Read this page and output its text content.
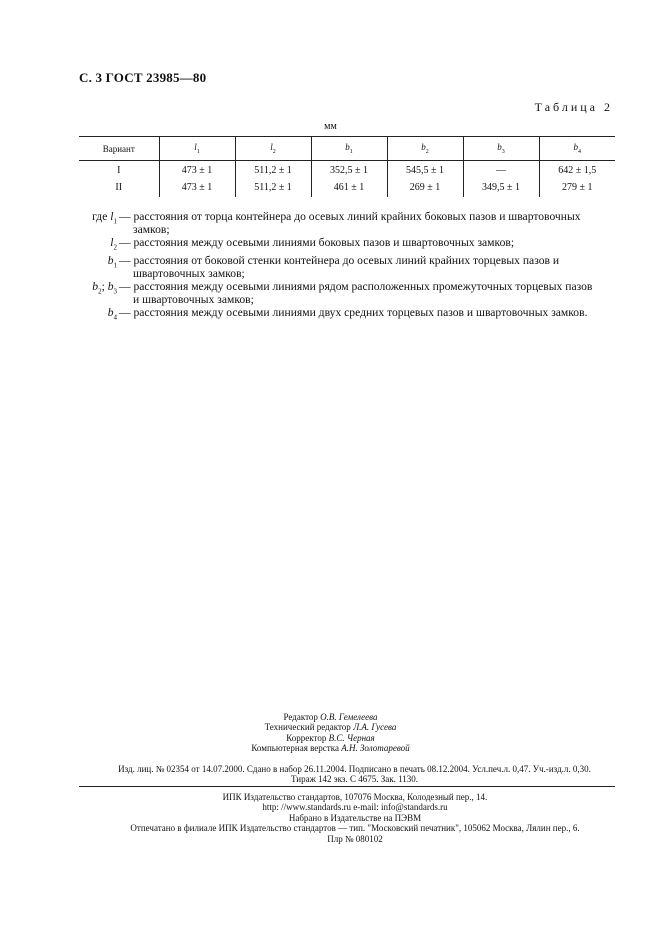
С. 3 ГОСТ 23985—80
Таблица 2
мм
Вариант	$l_1$	$l_2$	$b_1$	$b_2$	$b_3$	$b_4$
I	473 ± 1	511,2 ± 1	352,5 ± 1	545,5 ± 1	—	642 ± 1,5
II	473 ± 1	511,2 ± 1	461 ± 1	269 ± 1	349,5 ± 1	279 ± 1
где $l_1$ — расстояния от торца контейнера до осевых линий крайних боковых пазов и швартовочных
замков;
$l_2$ — расстояния между осевыми линиями боковых пазов и швартовочных замков;
$b_1$ — расстояния от боковой стенки контейнера до осевых линий крайних торцевых пазов и
швартовочных замков;
$b_2$; $b_3$ — расстояния между осевыми линиями рядом расположенных промежуточных торцевых пазов
и швартовочных замков;
$b_4$ — расстояния между осевыми линиями двух средних торцевых пазов и швартовочных замков.
Редактор О.В. Гемелеева
Технический редактор Л.А. Гусева
Корректор В.С. Черная
Компьютерная верстка А.Н. Золотаревой
Изд. лиц. № 02354 от 14.07.2000. Сдано в набор 26.11.2004. Подписано в печать 08.12.2004. Усл.печ.л. 0,47. Уч.-изд.л. 0,30.
Тираж 142 экз. С 4675. Зак. 1130.
ИПК Издательство стандартов, 107076 Москва, Колодезный пер., 14.
http: //www.standards.ru e-mail: info@standards.ru
Набрано в Издательстве на ПЭВМ
Отпечатано в филиале ИПК Издательство стандартов — тип. "Московский печатник", 105062 Москва, Лялин пер., 6.
Плр № 080102
